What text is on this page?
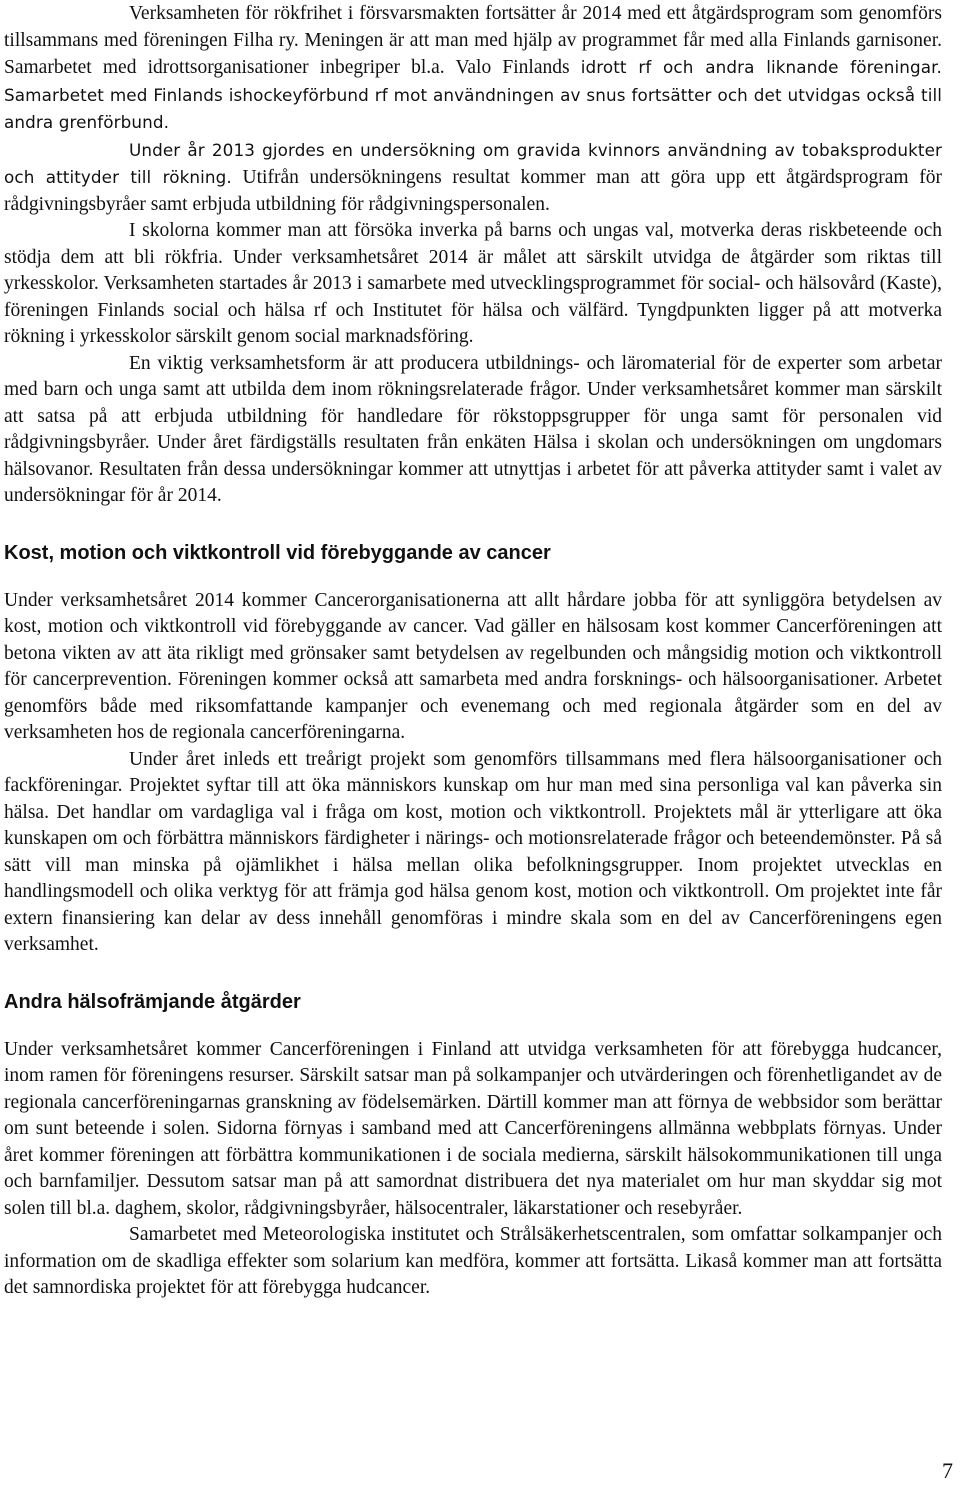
Verksamheten för rökfrihet i försvarsmakten fortsätter år 2014 med ett åtgärdsprogram som genomförs tillsammans med föreningen Filha ry. Meningen är att man med hjälp av programmet får med alla Finlands garnisoner. Samarbetet med idrottsorganisationer inbegriper bl.a. Valo Finlands idrott rf och andra liknande föreningar. Samarbetet med Finlands ishockeyförbund rf mot användningen av snus fortsätter och det utvidgas också till andra grenförbund.

Under år 2013 gjordes en undersökning om gravida kvinnors användning av tobaksprodukter och attityder till rökning. Utifrån undersökningens resultat kommer man att göra upp ett åtgärdsprogram för rådgivningsbyråer samt erbjuda utbildning för rådgivningspersonalen.

I skolorna kommer man att försöka inverka på barns och ungas val, motverka deras riskbeteende och stödja dem att bli rökfria. Under verksamhetsåret 2014 är målet att särskilt utvidga de åtgärder som riktas till yrkesskolor. Verksamheten startades år 2013 i samarbete med utvecklingsprogrammet för social- och hälsovård (Kaste), föreningen Finlands social och hälsa rf och Institutet för hälsa och välfärd. Tyngdpunkten ligger på att motverka rökning i yrkesskolor särskilt genom social marknadsföring.

En viktig verksamhetsform är att producera utbildnings- och läromaterial för de experter som arbetar med barn och unga samt att utbilda dem inom rökningsrelaterade frågor. Under verksamhetsåret kommer man särskilt att satsa på att erbjuda utbildning för handledare för rökstoppsgrupper för unga samt för personalen vid rådgivningsbyråer. Under året färdigställs resultaten från enkäten Hälsa i skolan och undersökningen om ungdomars hälsovanor. Resultaten från dessa undersökningar kommer att utnyttjas i arbetet för att påverka attityder samt i valet av undersökningar för år 2014.

Kost, motion och viktkontroll vid förebyggande av cancer

Under verksamhetsåret 2014 kommer Cancerorganisationerna att allt hårdare jobba för att synliggöra betydelsen av kost, motion och viktkontroll vid förebyggande av cancer. Vad gäller en hälsosam kost kommer Cancerföreningen att betona vikten av att äta rikligt med grönsaker samt betydelsen av regelbunden och mångsidig motion och viktkontroll för cancerprevention. Föreningen kommer också att samarbeta med andra forsknings- och hälsoorganisationer. Arbetet genomförs både med riksomfattande kampanjer och evenemang och med regionala åtgärder som en del av verksamheten hos de regionala cancerföreningarna.

Under året inleds ett treårigt projekt som genomförs tillsammans med flera hälsoorganisationer och fackföreningar. Projektet syftar till att öka människors kunskap om hur man med sina personliga val kan påverka sin hälsa. Det handlar om vardagliga val i fråga om kost, motion och viktkontroll. Projektets mål är ytterligare att öka kunskapen om och förbättra människors färdigheter i närings- och motionsrelaterade frågor och beteendemönster. På så sätt vill man minska på ojämlikhet i hälsa mellan olika befolkningsgrupper. Inom projektet utvecklas en handlingsmodell och olika verktyg för att främja god hälsa genom kost, motion och viktkontroll. Om projektet inte får extern finansiering kan delar av dess innehåll genomföras i mindre skala som en del av Cancerföreningens egen verksamhet.

Andra hälsofrämjande åtgärder

Under verksamhetsåret kommer Cancerföreningen i Finland att utvidga verksamheten för att förebygga hudcancer, inom ramen för föreningens resurser. Särskilt satsar man på solkampanjer och utvärderingen och förenhetligandet av de regionala cancerföreningarnas granskning av födelsemärken. Därtill kommer man att förnya de webbsidor som berättar om sunt beteende i solen. Sidorna förnyas i samband med att Cancerföreningens allmänna webbplats förnyas. Under året kommer föreningen att förbättra kommunikationen i de sociala medierna, särskilt hälsokommunikationen till unga och barnfamiljer. Dessutom satsar man på att samordnat distribuera det nya materialet om hur man skyddar sig mot solen till bl.a. daghem, skolor, rådgivningsbyråer, hälsocentraler, läkarstationer och resebyråer.

Samarbetet med Meteorologiska institutet och Strålsäkerhetscentralen, som omfattar solkampanjer och information om de skadliga effekter som solarium kan medföra, kommer att fortsätta. Likaså kommer man att fortsätta det samnordiska projektet för att förebygga hudcancer.

7
